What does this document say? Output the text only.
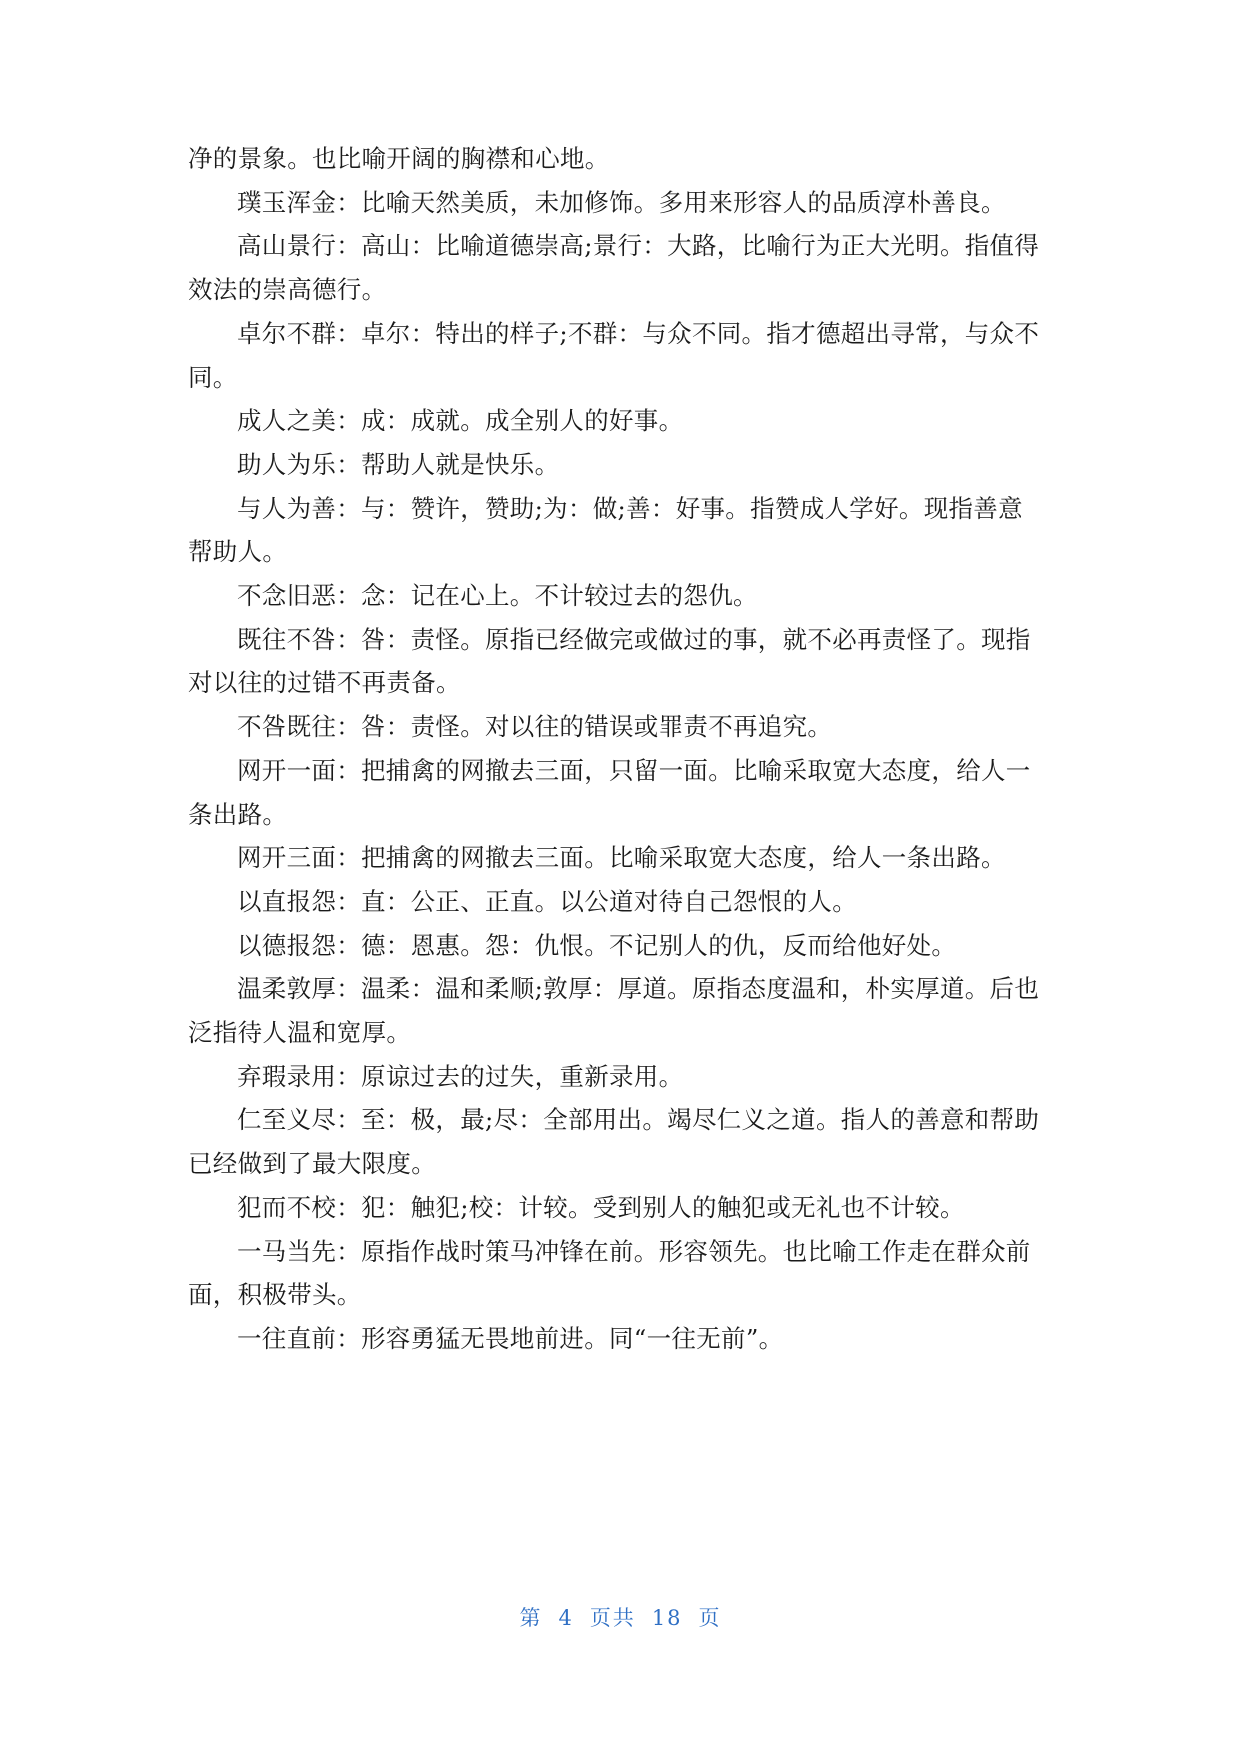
净的景象。也比喻开阔的胸襟和心地。
璞玉浑金：比喻天然美质，未加修饰。多用来形容人的品质淳朴善良。
高山景行：高山：比喻道德崇高;景行：大路，比喻行为正大光明。指值得
效法的崇高德行。
卓尔不群：卓尔：特出的样子;不群：与众不同。指才德超出寻常，与众不
同。
成人之美：成：成就。成全别人的好事。
助人为乐：帮助人就是快乐。
与人为善：与：赞许，赞助;为：做;善：好事。指赞成人学好。现指善意
帮助人。
不念旧恶：念：记在心上。不计较过去的怨仇。
既往不咎：咎：责怪。原指已经做完或做过的事，就不必再责怪了。现指
对以往的过错不再责备。
不咎既往：咎：责怪。对以往的错误或罪责不再追究。
网开一面：把捕禽的网撤去三面，只留一面。比喻采取宽大态度，给人一
条出路。
网开三面：把捕禽的网撤去三面。比喻采取宽大态度，给人一条出路。
以直报怨：直：公正、正直。以公道对待自己怨恨的人。
以德报怨：德：恩惠。怨：仇恨。不记别人的仇，反而给他好处。
温柔敦厚：温柔：温和柔顺;敦厚：厚道。原指态度温和，朴实厚道。后也
泛指待人温和宽厚。
弃瑕录用：原谅过去的过失，重新录用。
仁至义尽：至：极，最;尽：全部用出。竭尽仁义之道。指人的善意和帮助
已经做到了最大限度。
犯而不校：犯：触犯;校：计较。受到别人的触犯或无礼也不计较。
一马当先：原指作战时策马冲锋在前。形容领先。也比喻工作走在群众前
面，积极带头。
一往直前：形容勇猛无畏地前进。同“一往无前”。
第 4 页共 18 页
